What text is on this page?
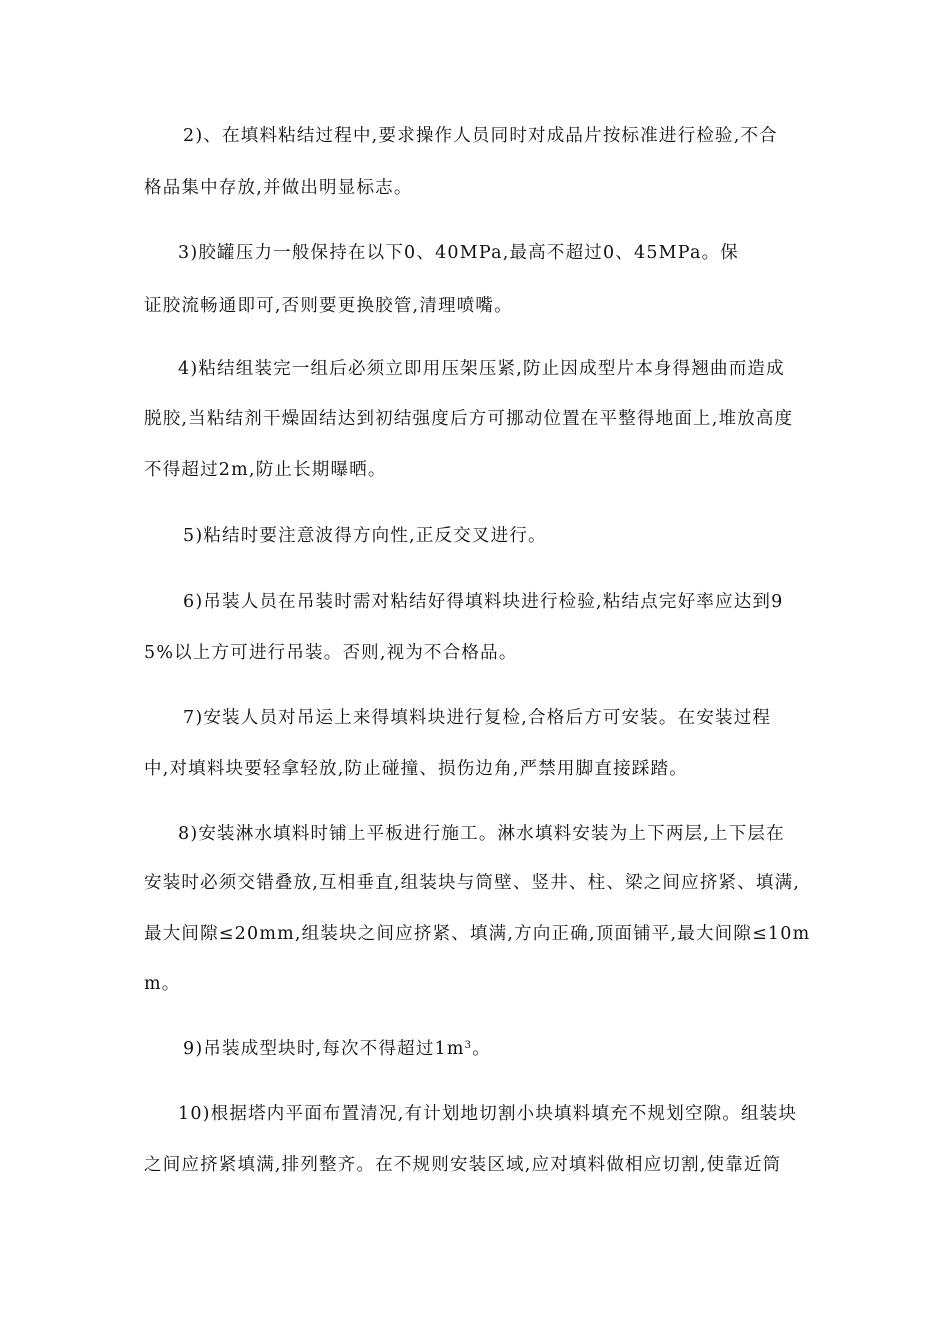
2)、在填料粘结过程中,要求操作人员同时对成品片按标准进行检验,不合
格品集中存放,并做出明显标志。
3)胶罐压力一般保持在以下0、40MPa,最高不超过0、45MPa。保
证胶流畅通即可,否则要更换胶管,清理喷嘴。
4)粘结组装完一组后必须立即用压架压紧,防止因成型片本身得翘曲而造成
脱胶,当粘结剂干燥固结达到初结强度后方可挪动位置在平整得地面上,堆放高度
不得超过2m,防止长期曝晒。
5)粘结时要注意波得方向性,正反交叉进行。
6)吊装人员在吊装时需对粘结好得填料块进行检验,粘结点完好率应达到9
5%以上方可进行吊装。否则,视为不合格品。
7)安装人员对吊运上来得填料块进行复检,合格后方可安装。在安装过程
中,对填料块要轻拿轻放,防止碰撞、损伤边角,严禁用脚直接踩踏。
8)安装淋水填料时铺上平板进行施工。淋水填料安装为上下两层,上下层在
安装时必须交错叠放,互相垂直,组装块与筒壁、竖井、柱、梁之间应挤紧、填满,
最大间隙≤20mm,组装块之间应挤紧、填满,方向正确,顶面铺平,最大间隙≤10m
m。
9)吊装成型块时,每次不得超过$1m^3$。
10)根据塔内平面布置清况,有计划地切割小块填料填充不规划空隙。组装块
之间应挤紧填满,排列整齐。在不规则安装区域,应对填料做相应切割,使靠近筒
